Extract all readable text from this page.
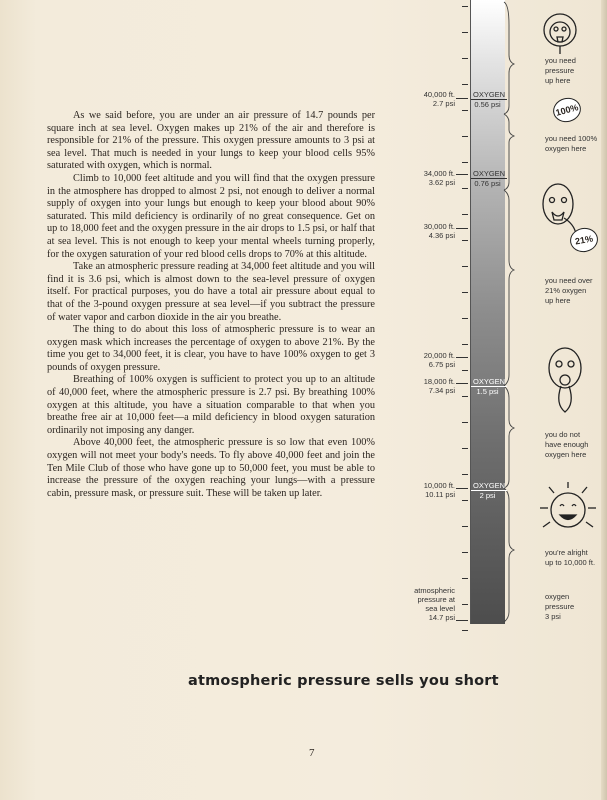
As we said before, you are under an air pressure of 14.7 pounds per square inch at sea level. Oxygen makes up 21% of the air and therefore is responsible for 21% of the pressure. This oxygen pressure amounts to 3 psi at sea level. That much is needed in your lungs to keep your blood cells 95% saturated with oxygen, which is normal.

Climb to 10,000 feet altitude and you will find that the oxygen pressure in the atmosphere has dropped to almost 2 psi, not enough to deliver a normal supply of oxygen into your lungs but enough to keep your blood about 90% saturated. This mild deficiency is ordinarily of no great consequence. Get on up to 18,000 feet and the oxygen pressure in the air drops to 1.5 psi, or half that at sea level. This is not enough to keep your mental wheels turning properly, for the oxygen saturation of your red blood cells drops to 70% at this altitude.

Take an atmospheric pressure reading at 34,000 feet altitude and you will find it is 3.6 psi, which is almost down to the sea-level pressure of oxygen itself. For practical purposes, you do have a total air pressure about equal to that of the 3-pound oxygen pressure at sea level—if you subtract the pressure of water vapor and carbon dioxide in the air you breathe.

The thing to do about this loss of atmospheric pressure is to wear an oxygen mask which increases the percentage of oxygen to above 21%. By the time you get to 34,000 feet, it is clear, you have to have 100% oxygen to get 3 pounds of oxygen pressure.

Breathing of 100% oxygen is sufficient to protect you up to an altitude of 40,000 feet, where the atmospheric pressure is 2.7 psi. By breathing 100% oxygen at this altitude, you have a situation comparable to that when you breathe free air at 10,000 feet—a mild deficiency in blood oxygen saturation ordinarily not imposing any danger.

Above 40,000 feet, the atmospheric pressure is so low that even 100% oxygen will not meet your body's needs. To fly above 40,000 feet and join the Ten Mile Club of those who have gone up to 50,000 feet, you must be able to increase the pressure of the oxygen reaching your lungs—with a pressure cabin, pressure mask, or pressure suit. These will be taken up later.

40,000 ft.
2.7 psi
34,000 ft.
3.62 psi
30,000 ft.
4.36 psi
20,000 ft.
6.75 psi
18,000 ft.
7.34 psi
10,000 ft.
10.11 psi
atmospheric
pressure at
sea level
14.7 psi
OXYGEN
0.56 psi
OXYGEN
0.76 psi
OXYGEN
1.5 psi
OXYGEN
2 psi
you need
pressure
up here
you need 100%
oxygen here
you need over
21% oxygen
up here
you do not
have enough
oxygen here
you're alright
up to 10,000 ft.
oxygen
pressure
3 psi
100%
21%
atmospheric pressure sells you short
7
